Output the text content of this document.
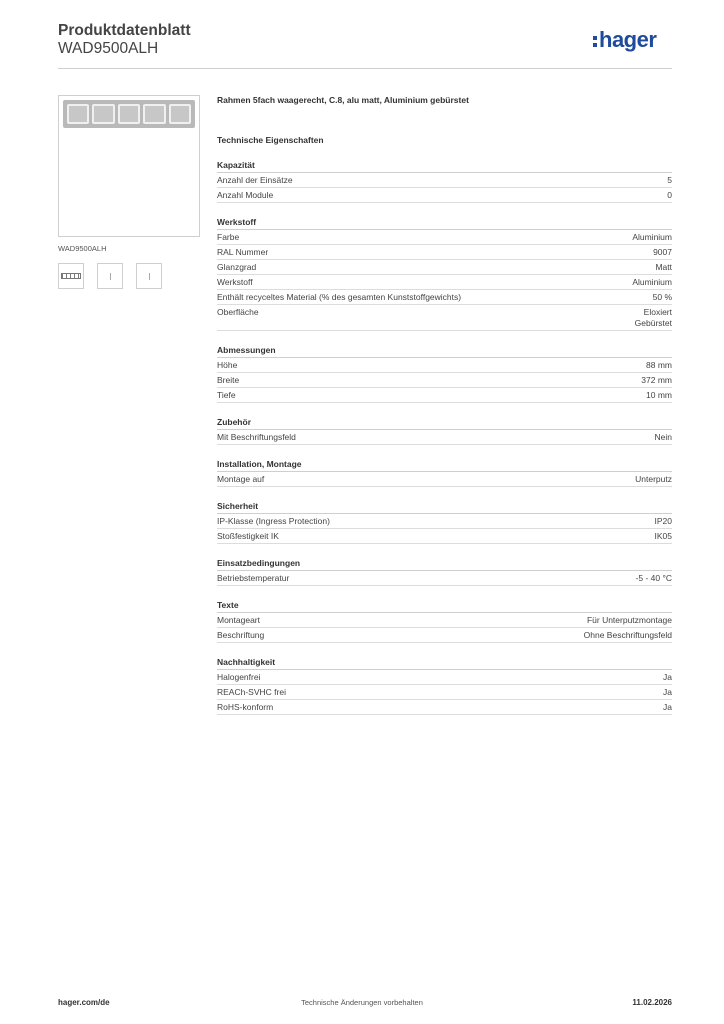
Produktdatenblatt
WAD9500ALH	hager
WAD9500ALH
Rahmen 5fach waagerecht, C.8, alu matt, Aluminium gebürstet
Technische Eigenschaften
Kapazität
Anzahl der Einsätze	5
Anzahl Module	0
Werkstoff
Farbe	Aluminium
RAL Nummer	9007
Glanzgrad	Matt
Werkstoff	Aluminium
Enthält recyceltes Material (% des gesamten Kunststoffgewichts)	50 %
Oberfläche	Eloxiert
Gebürstet
Abmessungen
Höhe	88 mm
Breite	372 mm
Tiefe	10 mm
Zubehör
Mit Beschriftungsfeld	Nein
Installation, Montage
Montage auf	Unterputz
Sicherheit
IP-Klasse (Ingress Protection)	IP20
Stoßfestigkeit IK	IK05
Einsatzbedingungen
Betriebstemperatur	-5 - 40 °C
Texte
Montageart	Für Unterputzmontage
Beschriftung	Ohne Beschriftungsfeld
Nachhaltigkeit
Halogenfrei	Ja
REACh-SVHC frei	Ja
RoHS-konform	Ja
hager.com/de	Technische Änderungen vorbehalten	11.02.2026
